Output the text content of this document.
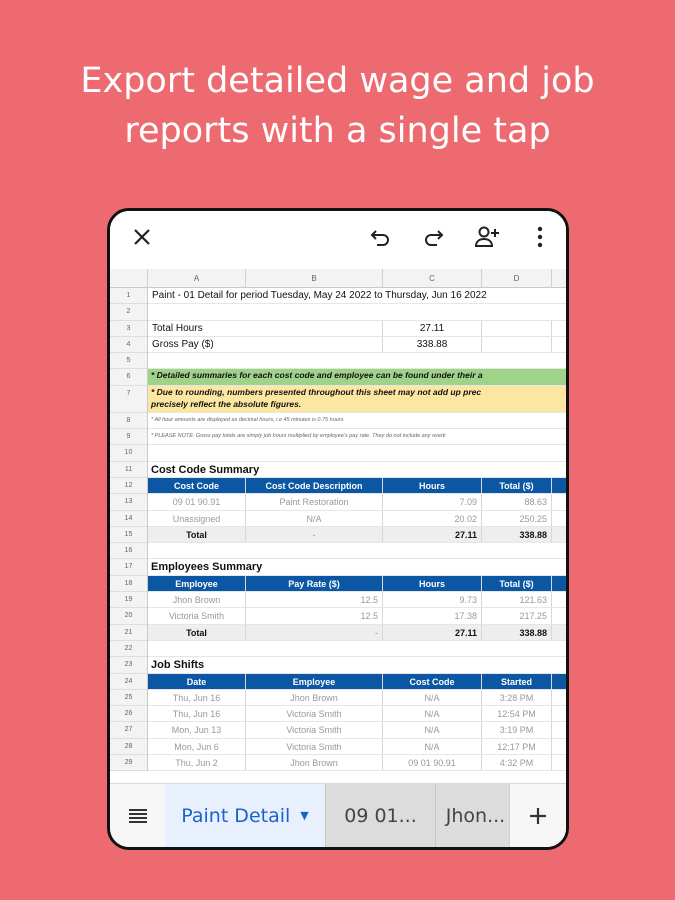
Export detailed wage and job
reports with a single tap
A	B	C	D
1
2
3
4
5
6
7
8
9
10
11
12
13
14
15
16
17
18
19
20
21
22
23
24
25
26
27
28
29
Paint - 01 Detail for period Tuesday, May 24 2022 to Thursday, Jun 16 2022
Total Hours	27.11
Gross Pay ($)	338.88
* Detailed summaries for each cost code and employee can be found under their a
* Due to rounding, numbers presented throughout this sheet may not add up prec
precisely reflect the absolute figures.
* All hour amounts are displayed as decimal hours, i.e 45 minutes is 0.75 hours.
* PLEASE NOTE: Gross pay totals are simply job hours multiplied by employee's pay rate. They do not include any overti
Cost Code Summary
Cost Code	Cost Code Description	Hours	Total ($)
09 01 90.91	Paint Restoration	7.09	88.63
Unassigned	N/A	20.02	250.25
Total	-	27.11	338.88
Employees Summary
Employee	Pay Rate ($)	Hours	Total ($)
Jhon Brown	12.5	9.73	121.63
Victoria Smith	12.5	17.38	217.25
Total	-	27.11	338.88
Job Shifts
Date	Employee	Cost Code	Started
Thu, Jun 16	Jhon Brown	N/A	3:28 PM
Thu, Jun 16	Victoria Smith	N/A	12:54 PM
Mon, Jun 13	Victoria Smith	N/A	3:19 PM
Mon, Jun 6	Victoria Smith	N/A	12:17 PM
Thu, Jun 2	Jhon Brown	09 01 90.91	4:32 PM
Paint Detail ▼ 09 01... Jhon...
